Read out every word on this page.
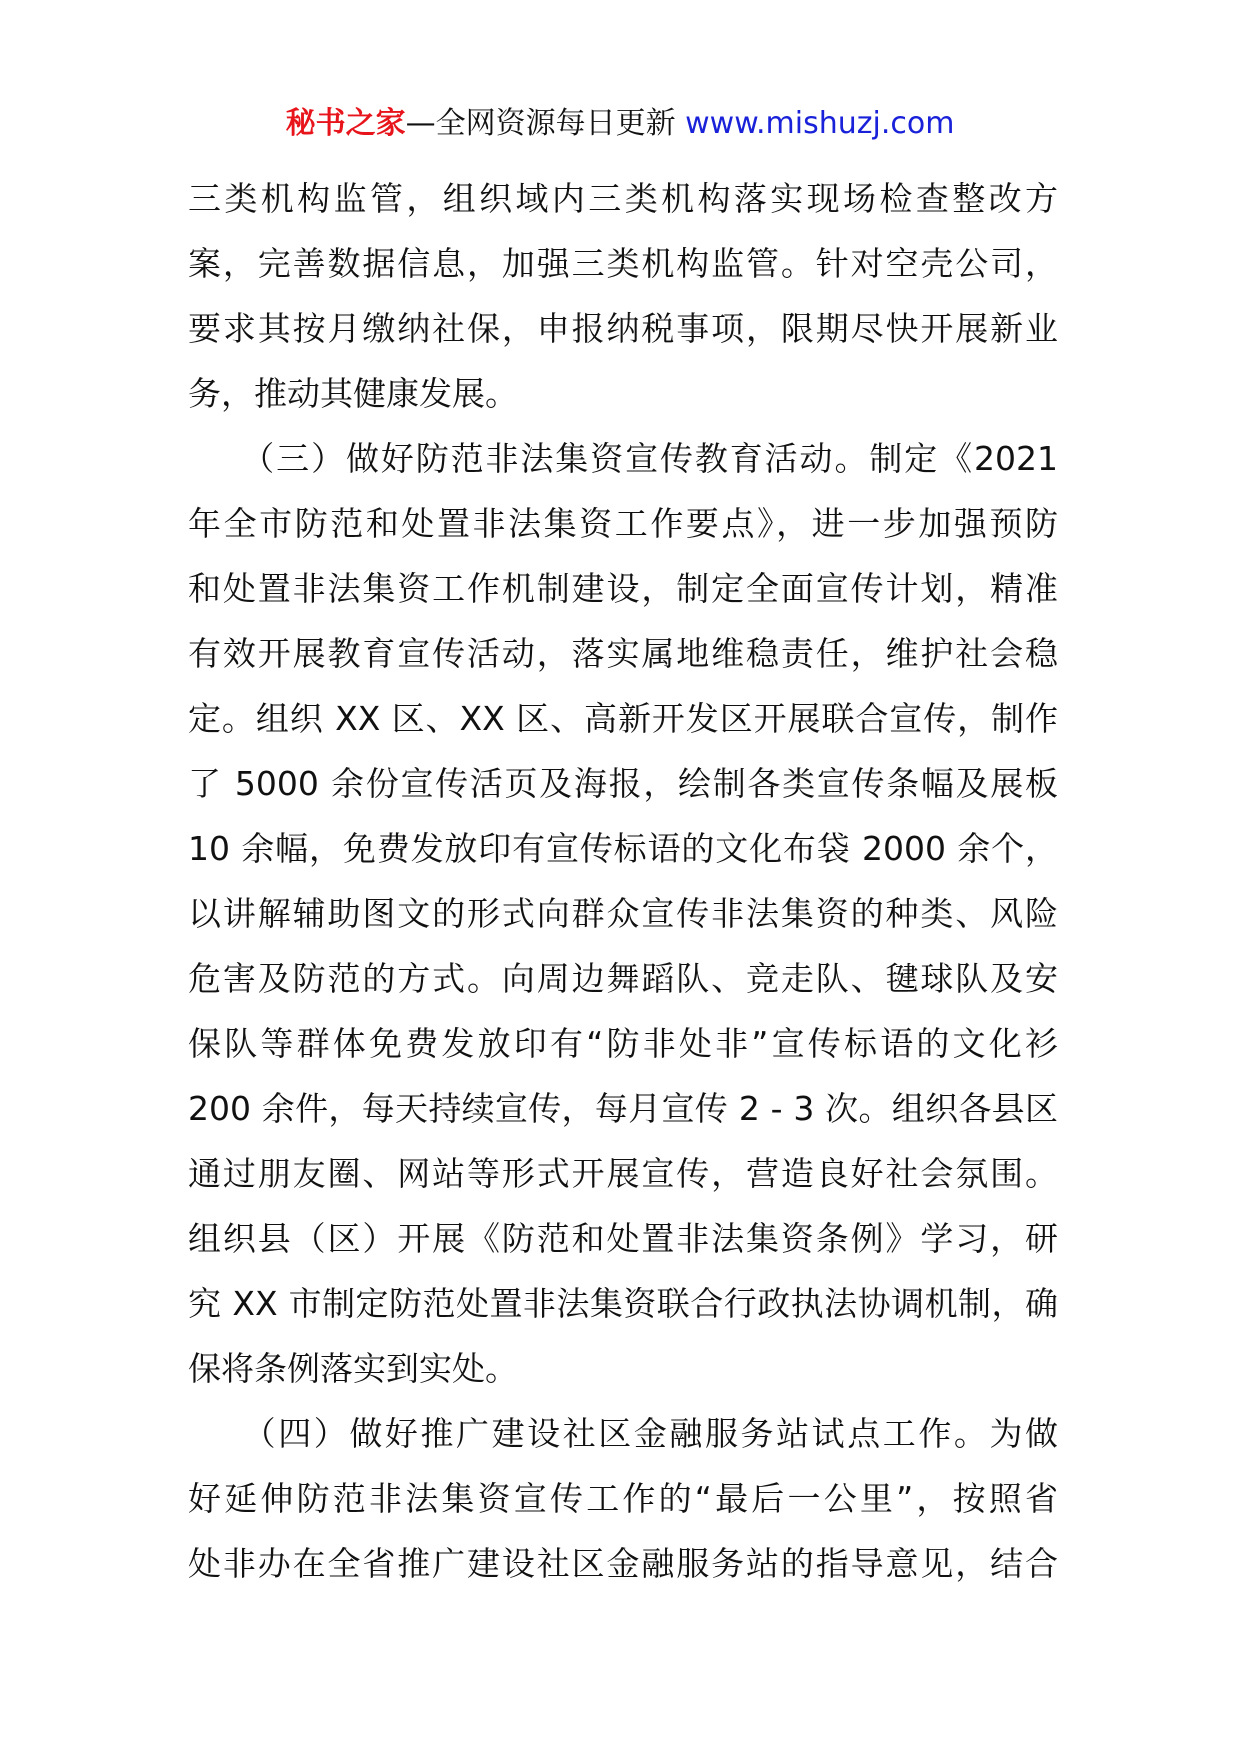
秘书之家—全网资源每日更新 www.mishuzj.com
三类机构监管，组织域内三类机构落实现场检查整改方
案，完善数据信息，加强三类机构监管。针对空壳公司，
要求其按月缴纳社保，申报纳税事项，限期尽快开展新业
务，推动其健康发展。
　　（三）做好防范非法集资宣传教育活动。制定《2021
年全市防范和处置非法集资工作要点》，进一步加强预防
和处置非法集资工作机制建设，制定全面宣传计划，精准
有效开展教育宣传活动，落实属地维稳责任，维护社会稳
定。组织 XX 区、XX 区、高新开发区开展联合宣传，制作
了 5000 余份宣传活页及海报，绘制各类宣传条幅及展板
10 余幅，免费发放印有宣传标语的文化布袋 2000 余个，
以讲解辅助图文的形式向群众宣传非法集资的种类、风险
危害及防范的方式。向周边舞蹈队、竞走队、毽球队及安
保队等群体免费发放印有“防非处非”宣传标语的文化衫
200 余件，每天持续宣传，每月宣传 2 - 3 次。组织各县区
通过朋友圈、网站等形式开展宣传，营造良好社会氛围。
组织县（区）开展《防范和处置非法集资条例》学习，研
究 XX 市制定防范处置非法集资联合行政执法协调机制，确
保将条例落实到实处。
　　（四）做好推广建设社区金融服务站试点工作。为做
好延伸防范非法集资宣传工作的“最后一公里”，按照省
处非办在全省推广建设社区金融服务站的指导意见，结合
